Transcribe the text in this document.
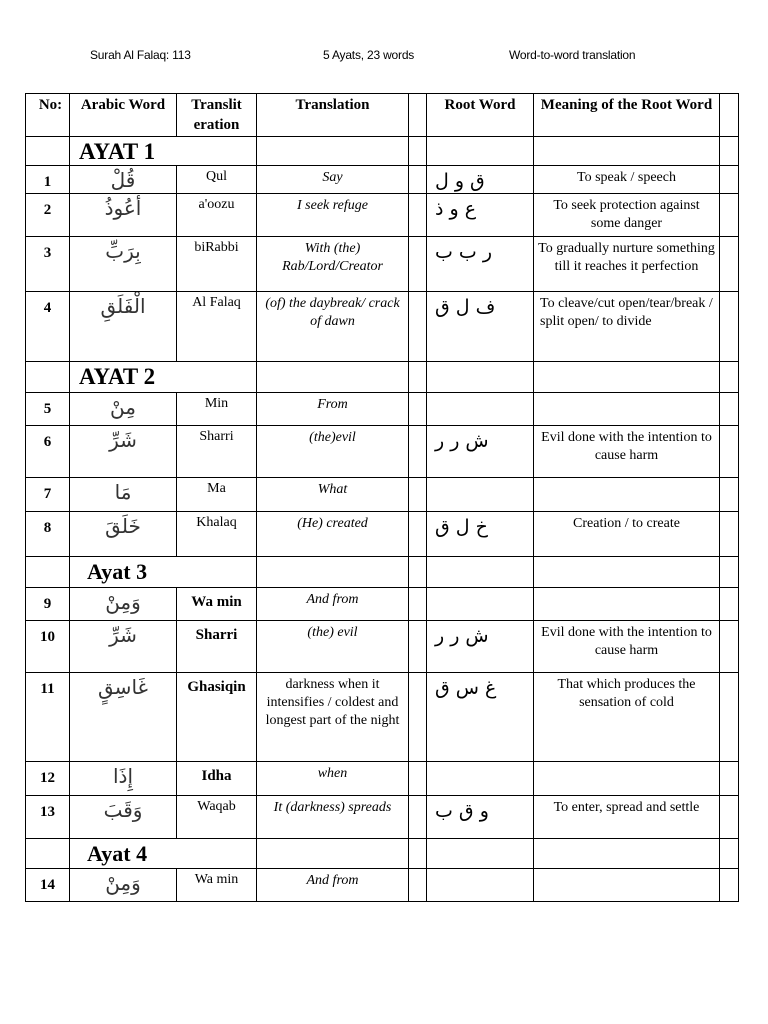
Surah Al Falaq: 113	5 Ayats, 23 words	Word-to-word translation
No:	Arabic Word	Translit eration	Translation		Root Word	Meaning of the Root Word	
	AYAT 1						
1	قُلْ	Qul	Say		ق و ل	To speak / speech	
2	أَعُوذُ	a'oozu	I seek refuge		ع و ذ	To seek protection against some danger	
3	بِرَبِّ	biRabbi	With (the) Rab/Lord/Creator		ر ب ب	To gradually nurture something till it reaches it perfection	
4	الْفَلَقِ	Al Falaq	(of) the daybreak/ crack of dawn		ف ل ق	To cleave/cut open/tear/break / split open/ to divide	
	AYAT 2						
5	مِنْ	Min	From				
6	شَرِّ	Sharri	(the)evil		ش ر ر	Evil done with the intention to cause harm	
7	مَا	Ma	What				
8	خَلَقَ	Khalaq	(He) created		خ ل ق	Creation / to create	
	Ayat 3						
9	وَمِنْ	Wa min	And from				
10	شَرِّ	Sharri	(the) evil		ش ر ر	Evil done with the intention to cause harm	
11	غَاسِقٍ	Ghasiqin	darkness when it intensifies / coldest and longest part of the night		غ س ق	That which produces the sensation of cold	
12	إِذَا	Idha	when				
13	وَقَبَ	Waqab	It (darkness) spreads		و ق ب	To enter, spread and settle	
	Ayat 4						
14	وَمِنْ	Wa min	And from				
